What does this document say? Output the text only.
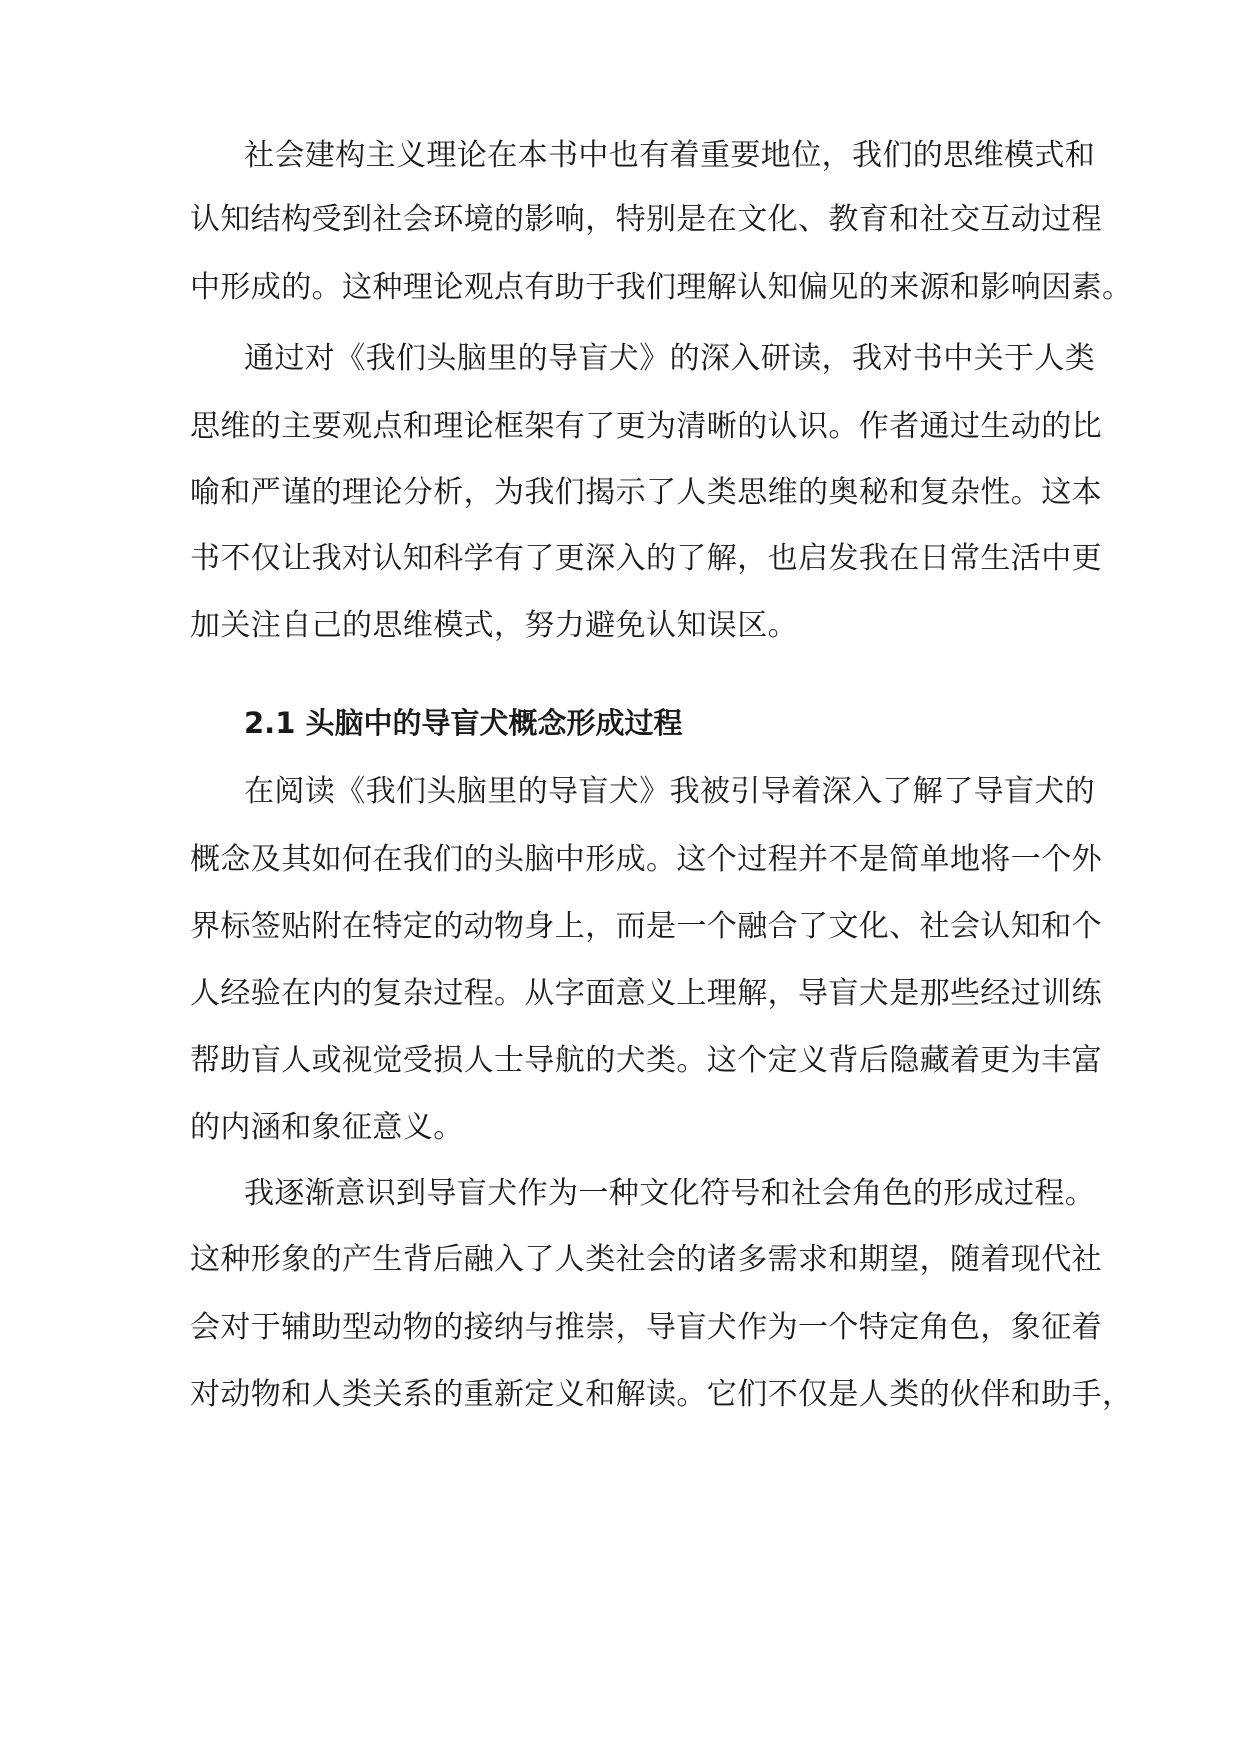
社会建构主义理论在本书中也有着重要地位，我们的思维模式和
认知结构受到社会环境的影响，特别是在文化、教育和社交互动过程
中形成的。这种理论观点有助于我们理解认知偏见的来源和影响因素。
通过对《我们头脑里的导盲犬》的深入研读，我对书中关于人类
思维的主要观点和理论框架有了更为清晰的认识。作者通过生动的比
喻和严谨的理论分析，为我们揭示了人类思维的奥秘和复杂性。这本
书不仅让我对认知科学有了更深入的了解，也启发我在日常生活中更
加关注自己的思维模式，努力避免认知误区。
2.1 头脑中的导盲犬概念形成过程
在阅读《我们头脑里的导盲犬》我被引导着深入了解了导盲犬的
概念及其如何在我们的头脑中形成。这个过程并不是简单地将一个外
界标签贴附在特定的动物身上，而是一个融合了文化、社会认知和个
人经验在内的复杂过程。从字面意义上理解，导盲犬是那些经过训练
帮助盲人或视觉受损人士导航的犬类。这个定义背后隐藏着更为丰富
的内涵和象征意义。
我逐渐意识到导盲犬作为一种文化符号和社会角色的形成过程。
这种形象的产生背后融入了人类社会的诸多需求和期望，随着现代社
会对于辅助型动物的接纳与推崇，导盲犬作为一个特定角色，象征着
对动物和人类关系的重新定义和解读。它们不仅是人类的伙伴和助手，
